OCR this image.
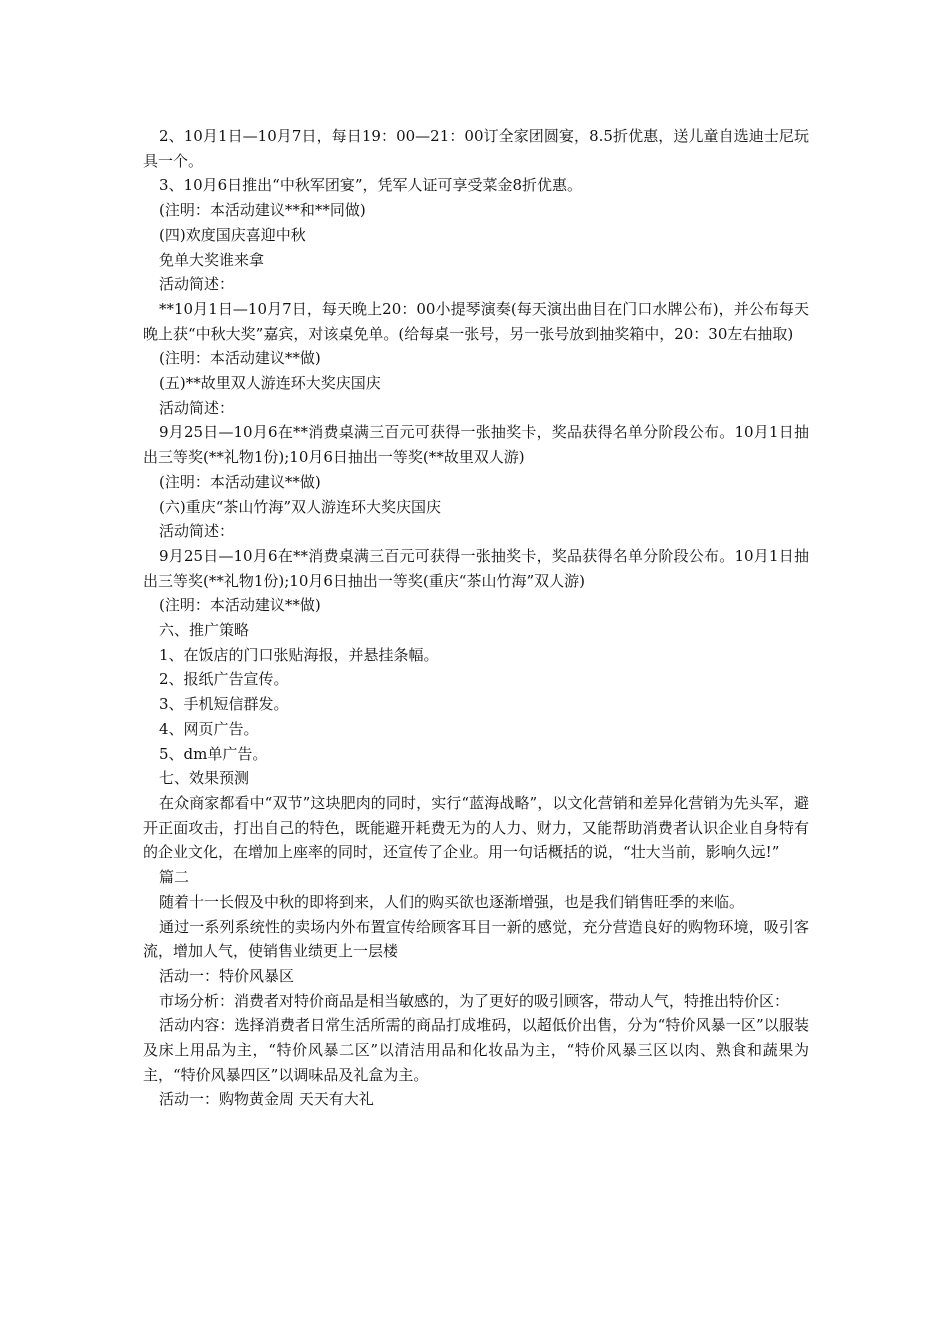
2、10月1日—10月7日，每日19：00—21：00订全家团圆宴，8.5折优惠，送儿童自选迪士尼玩具一个。

3、10月6日推出“中秋军团宴”，凭军人证可享受菜金8折优惠。

(注明：本活动建议**和**同做)

(四)欢度国庆喜迎中秋

免单大奖谁来拿

活动简述：

**10月1日—10月7日，每天晚上20：00小提琴演奏(每天演出曲目在门口水牌公布)，并公布每天晚上获“中秋大奖”嘉宾，对该桌免单。(给每桌一张号，另一张号放到抽奖箱中，20：30左右抽取)

(注明：本活动建议**做)

(五)**故里双人游连环大奖庆国庆

活动简述：

9月25日—10月6在**消费桌满三百元可获得一张抽奖卡，奖品获得名单分阶段公布。10月1日抽出三等奖(**礼物1份);10月6日抽出一等奖(**故里双人游)

(注明：本活动建议**做)

(六)重庆“茶山竹海”双人游连环大奖庆国庆

活动简述：

9月25日—10月6在**消费桌满三百元可获得一张抽奖卡，奖品获得名单分阶段公布。10月1日抽出三等奖(**礼物1份);10月6日抽出一等奖(重庆“茶山竹海”双人游)

(注明：本活动建议**做)

六、推广策略

1、在饭店的门口张贴海报，并悬挂条幅。

2、报纸广告宣传。

3、手机短信群发。

4、网页广告。

5、dm单广告。

七、效果预测

在众商家都看中“双节”这块肥肉的同时，实行“蓝海战略”，以文化营销和差异化营销为先头军，避开正面攻击，打出自己的特色，既能避开耗费无为的人力、财力，又能帮助消费者认识企业自身特有的企业文化，在增加上座率的同时，还宣传了企业。用一句话概括的说，“壮大当前，影响久远!”

篇二

随着十一长假及中秋的即将到来，人们的购买欲也逐渐增强，也是我们销售旺季的来临。

通过一系列系统性的卖场内外布置宣传给顾客耳目一新的感觉，充分营造良好的购物环境，吸引客流，增加人气，使销售业绩更上一层楼

活动一：特价风暴区

市场分析：消费者对特价商品是相当敏感的，为了更好的吸引顾客，带动人气，特推出特价区：

活动内容：选择消费者日常生活所需的商品打成堆码，以超低价出售，分为“特价风暴一区”以服装及床上用品为主，“特价风暴二区”以清洁用品和化妆品为主，“特价风暴三区以肉、熟食和蔬果为主，“特价风暴四区”以调味品及礼盒为主。

活动一：购物黄金周 天天有大礼
